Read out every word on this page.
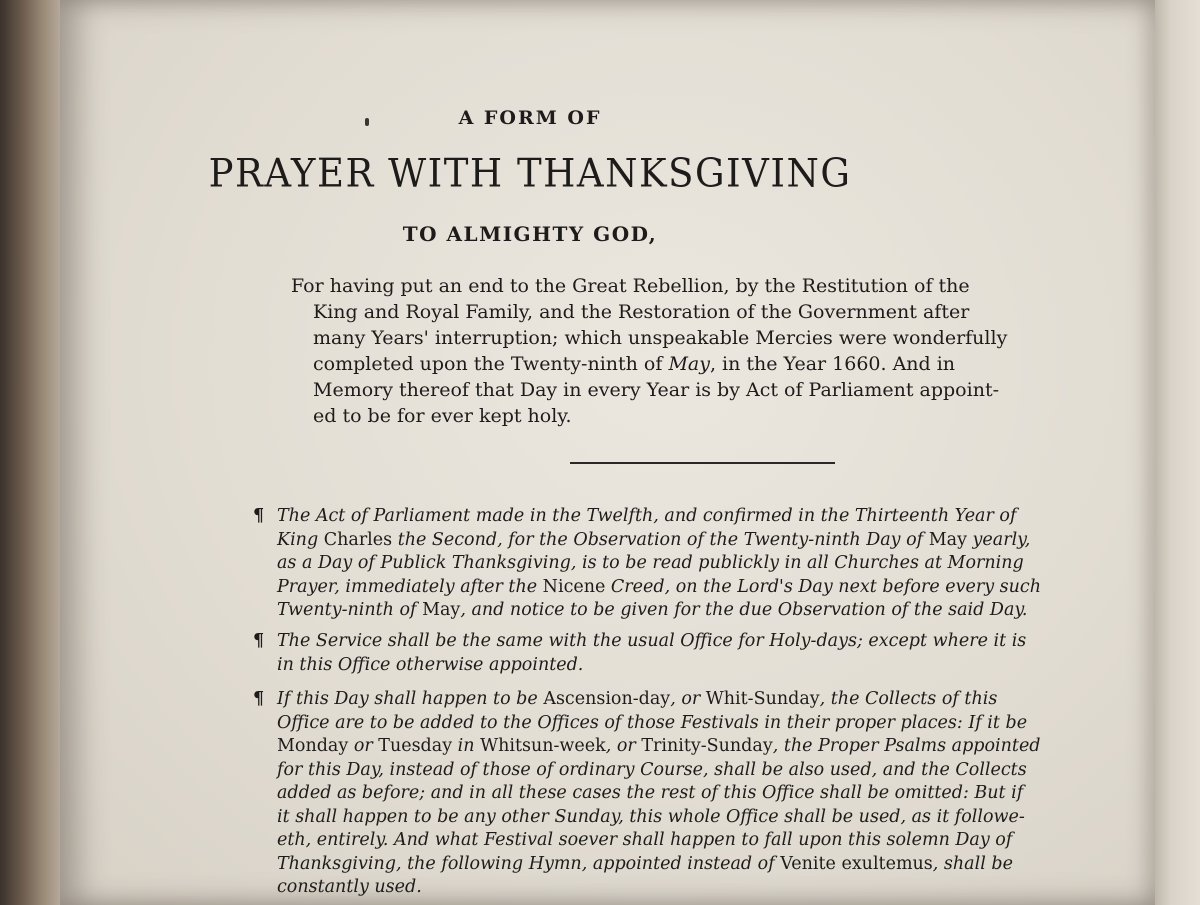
A FORM OF
PRAYER WITH THANKSGIVING
TO ALMIGHTY GOD,
For having put an end to the Great Rebellion, by the Restitution of the
King and Royal Family, and the Restoration of the Government after
many Years' interruption; which unspeakable Mercies were wonderfully
completed upon the Twenty-ninth of May, in the Year 1660. And in
Memory thereof that Day in every Year is by Act of Parliament appoint-
ed to be for ever kept holy.
¶ The Act of Parliament made in the Twelfth, and confirmed in the Thirteenth Year of
King Charles the Second, for the Observation of the Twenty-ninth Day of May yearly,
as a Day of Publick Thanksgiving, is to be read publickly in all Churches at Morning
Prayer, immediately after the Nicene Creed, on the Lord's Day next before every such
Twenty-ninth of May, and notice to be given for the due Observation of the said Day.
¶ The Service shall be the same with the usual Office for Holy-days; except where it is
in this Office otherwise appointed.
¶ If this Day shall happen to be Ascension-day, or Whit-Sunday, the Collects of this
Office are to be added to the Offices of those Festivals in their proper places: If it be
Monday or Tuesday in Whitsun-week, or Trinity-Sunday, the Proper Psalms appointed
for this Day, instead of those of ordinary Course, shall be also used, and the Collects
added as before; and in all these cases the rest of this Office shall be omitted: But if
it shall happen to be any other Sunday, this whole Office shall be used, as it followe-
eth, entirely. And what Festival soever shall happen to fall upon this solemn Day of
Thanksgiving, the following Hymn, appointed instead of Venite exultemus, shall be
constantly used.
